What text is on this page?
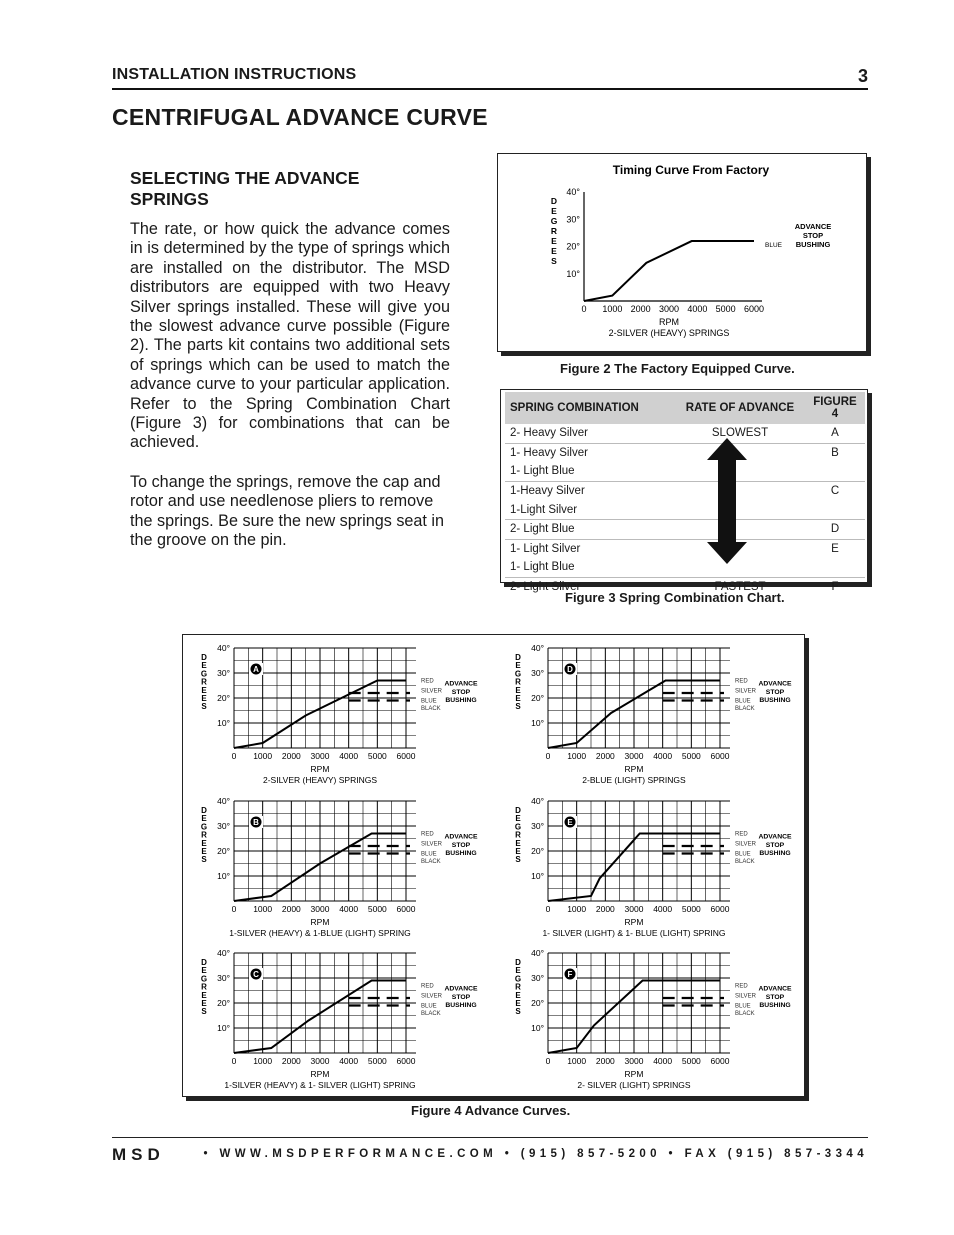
INSTALLATION INSTRUCTIONS	3
CENTRIFUGAL ADVANCE CURVE
SELECTING THE ADVANCE SPRINGS
The rate, or how quick the advance comes in is determined by the type of springs which are installed on the distributor. The MSD distributors are equipped with two Heavy Silver springs installed. These will give you the slowest advance curve possible (Figure 2). The parts kit contains two additional sets of springs which can be used to match the advance curve to your particular application. Refer to the Spring Combination Chart (Figure 3) for combinations that can be achieved.
To change the springs, remove the cap and rotor and use needlenose pliers to remove the springs. Be sure the new springs seat in the groove on the pin.
Timing Curve From Factory
10°
20°
30°
40°
0 1000 2000 3000 4000 5000 6000
D
E
G
R
E
E
S
RPM
2-SILVER (HEAVY) SPRINGS
BLUE
ADVANCE
STOP
BUSHING
Figure 2 The Factory Equipped Curve.
SPRING COMBINATION	RATE OF ADVANCE	FIGURE 4
2- Heavy Silver	SLOWEST	A
1- Heavy Silver		B
1- Light Blue		
1-Heavy Silver		C
1-Light Silver		
2- Light Blue		D
1- Light Silver		E
1- Light Blue		
2- Light Silver	FASTEST	F
Figure 3 Spring Combination Chart.
10°
20°
30°
40°
0 1000 2000 3000 4000 5000 6000
D
E
G
R
E
E
S
RPM
2-SILVER (HEAVY) SPRINGS
A
RED
SILVER
BLUE
BLACK
ADVANCE
STOP
BUSHING
10°
20°
30°
40°
0 1000 2000 3000 4000 5000 6000
D
E
G
R
E
E
S
RPM
2-BLUE (LIGHT) SPRINGS
D
RED
SILVER
BLUE
BLACK
ADVANCE
STOP
BUSHING
10°
20°
30°
40°
0 1000 2000 3000 4000 5000 6000
D
E
G
R
E
E
S
RPM
1-SILVER (HEAVY) & 1-BLUE (LIGHT) SPRING
B
RED
SILVER
BLUE
BLACK
ADVANCE
STOP
BUSHING
10°
20°
30°
40°
0 1000 2000 3000 4000 5000 6000
D
E
G
R
E
E
S
RPM
1- SILVER (LIGHT) & 1- BLUE (LIGHT) SPRING
E
RED
SILVER
BLUE
BLACK
ADVANCE
STOP
BUSHING
10°
20°
30°
40°
0 1000 2000 3000 4000 5000 6000
D
E
G
R
E
E
S
RPM
1-SILVER (HEAVY) & 1- SILVER (LIGHT) SPRING
C
RED
SILVER
BLUE
BLACK
ADVANCE
STOP
BUSHING
10°
20°
30°
40°
0 1000 2000 3000 4000 5000 6000
D
E
G
R
E
E
S
RPM
2- SILVER (LIGHT) SPRINGS
F
RED
SILVER
BLUE
BLACK
ADVANCE
STOP
BUSHING
Figure 4 Advance Curves.
MSD	• WWW.MSDPERFORMANCE.COM • (915) 857-5200 • FAX (915) 857-3344
